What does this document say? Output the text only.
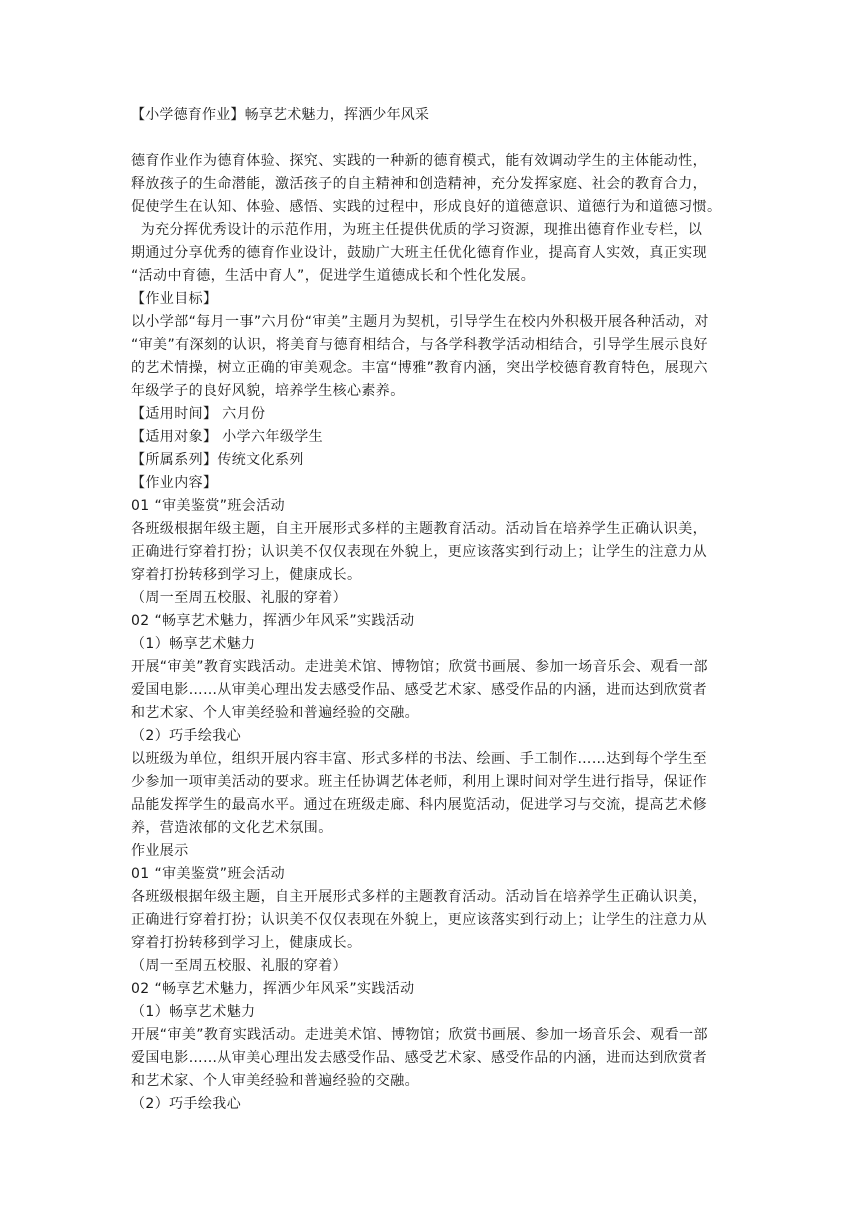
【小学德育作业】畅享艺术魅力，挥洒少年风采

德育作业作为德育体验、探究、实践的一种新的德育模式，能有效调动学生的主体能动性，

释放孩子的生命潜能，激活孩子的自主精神和创造精神，充分发挥家庭、社会的教育合力，

促使学生在认知、体验、感悟、实践的过程中，形成良好的道德意识、道德行为和道德习惯。

为充分挥优秀设计的示范作用，为班主任提供优质的学习资源，现推出德育作业专栏，以

期通过分享优秀的德育作业设计，鼓励广大班主任优化德育作业，提高育人实效，真正实现

“活动中育德，生活中育人”，促进学生道德成长和个性化发展。

【作业目标】

以小学部“每月一事”六月份“审美”主题月为契机，引导学生在校内外积极开展各种活动，对

“审美”有深刻的认识，将美育与德育相结合，与各学科教学活动相结合，引导学生展示良好

的艺术情操，树立正确的审美观念。丰富“博雅”教育内涵，突出学校德育教育特色，展现六

年级学子的良好风貌，培养学生核心素养。

【适用时间】 六月份

【适用对象】 小学六年级学生

【所属系列】传统文化系列

【作业内容】

01 “审美鉴赏”班会活动

各班级根据年级主题，自主开展形式多样的主题教育活动。活动旨在培养学生正确认识美，

正确进行穿着打扮；认识美不仅仅表现在外貌上，更应该落实到行动上；让学生的注意力从

穿着打扮转移到学习上，健康成长。

（周一至周五校服、礼服的穿着）

02 “畅享艺术魅力，挥洒少年风采”实践活动

（1）畅享艺术魅力

开展“审美”教育实践活动。走进美术馆、博物馆；欣赏书画展、参加一场音乐会、观看一部

爱国电影……从审美心理出发去感受作品、感受艺术家、感受作品的内涵，进而达到欣赏者

和艺术家、个人审美经验和普遍经验的交融。

（2）巧手绘我心

以班级为单位，组织开展内容丰富、形式多样的书法、绘画、手工制作……达到每个学生至

少参加一项审美活动的要求。班主任协调艺体老师，利用上课时间对学生进行指导，保证作

品能发挥学生的最高水平。通过在班级走廊、科内展览活动，促进学习与交流，提高艺术修

养，营造浓郁的文化艺术氛围。

作业展示

01 “审美鉴赏”班会活动

各班级根据年级主题，自主开展形式多样的主题教育活动。活动旨在培养学生正确认识美，

正确进行穿着打扮；认识美不仅仅表现在外貌上，更应该落实到行动上；让学生的注意力从

穿着打扮转移到学习上，健康成长。

（周一至周五校服、礼服的穿着）

02 “畅享艺术魅力，挥洒少年风采”实践活动

（1）畅享艺术魅力

开展“审美”教育实践活动。走进美术馆、博物馆；欣赏书画展、参加一场音乐会、观看一部

爱国电影……从审美心理出发去感受作品、感受艺术家、感受作品的内涵，进而达到欣赏者

和艺术家、个人审美经验和普遍经验的交融。

（2）巧手绘我心
